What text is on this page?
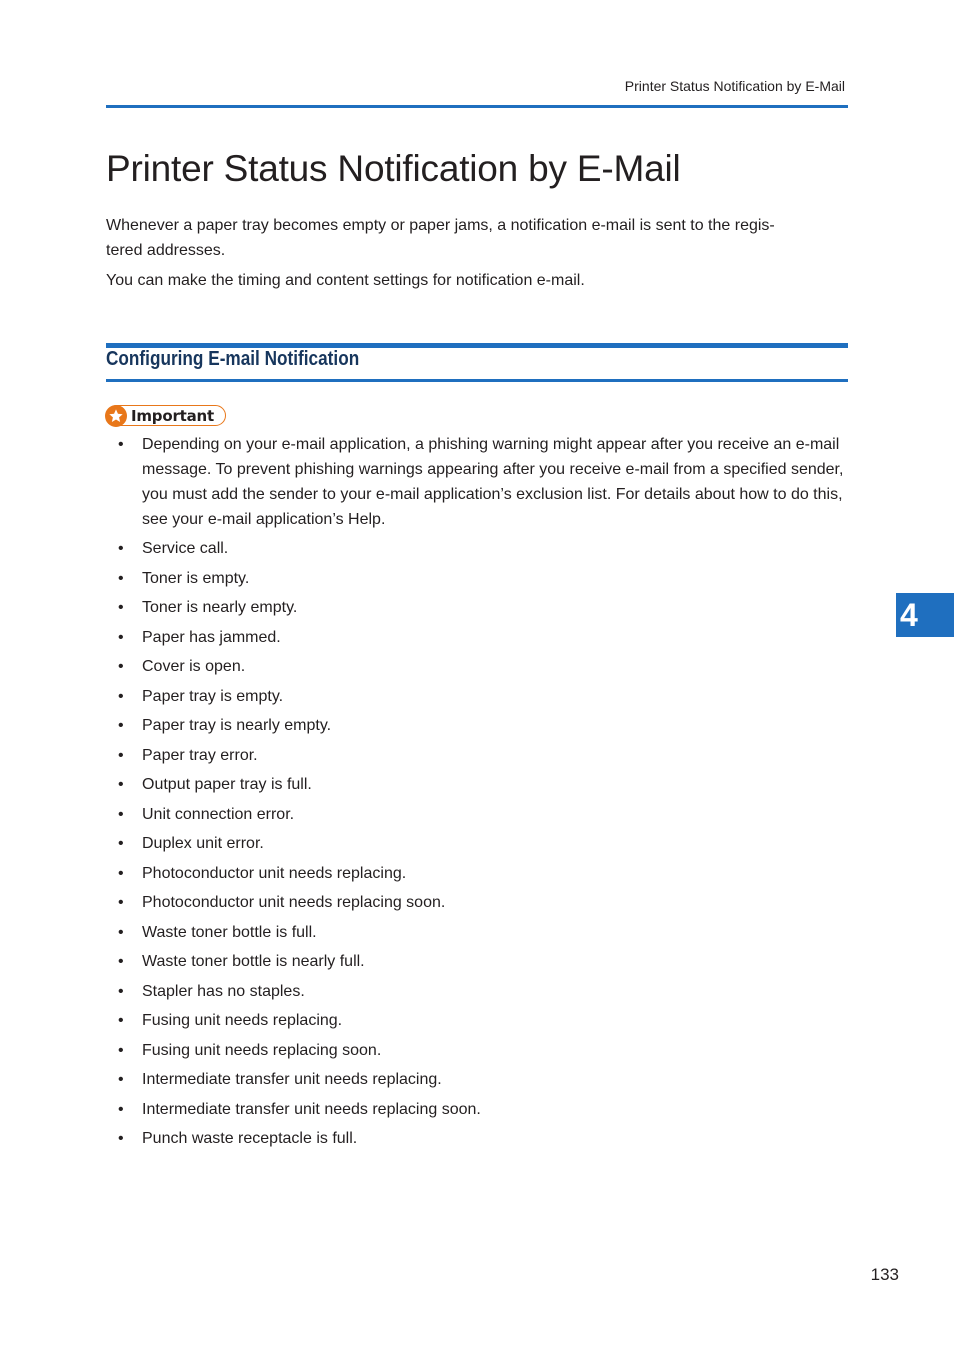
Printer Status Notification by E-Mail
Printer Status Notification by E-Mail

Whenever a paper tray becomes empty or paper jams, a notification e-mail is sent to the regis-tered addresses.

You can make the timing and content settings for notification e-mail.

Configuring E-mail Notification
Important
•	Depending on your e-mail application, a phishing warning might appear after you receive an e-mail message. To prevent phishing warnings appearing after you receive e-mail from a specified sender, you must add the sender to your e-mail application’s exclusion list. For details about how to do this, see your e-mail application’s Help.
•	Service call.
•	Toner is empty.
•	Toner is nearly empty.
•	Paper has jammed.
•	Cover is open.
•	Paper tray is empty.
•	Paper tray is nearly empty.
•	Paper tray error.
•	Output paper tray is full.
•	Unit connection error.
•	Duplex unit error.
•	Photoconductor unit needs replacing.
•	Photoconductor unit needs replacing soon.
•	Waste toner bottle is full.
•	Waste toner bottle is nearly full.
•	Stapler has no staples.
•	Fusing unit needs replacing.
•	Fusing unit needs replacing soon.
•	Intermediate transfer unit needs replacing.
•	Intermediate transfer unit needs replacing soon.
•	Punch waste receptacle is full.
4
133
